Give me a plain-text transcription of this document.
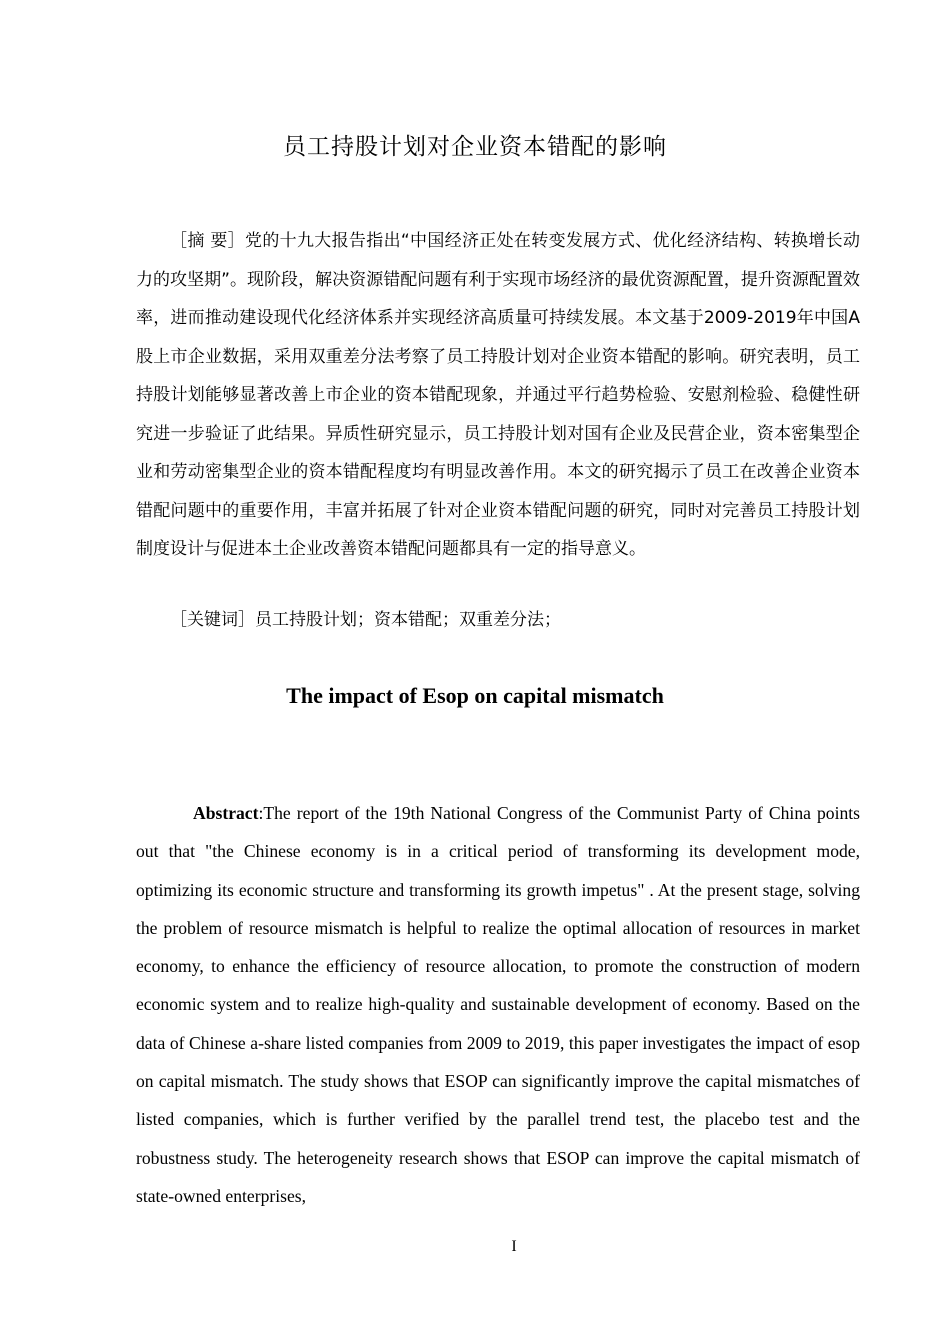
员工持股计划对企业资本错配的影响

［摘 要］党的十九大报告指出“中国经济正处在转变发展方式、优化经济结构、转换增长动力的攻坚期”。现阶段，解决资源错配问题有利于实现市场经济的最优资源配置，提升资源配置效率，进而推动建设现代化经济体系并实现经济高质量可持续发展。本文基于2009-2019年中国A股上市企业数据，采用双重差分法考察了员工持股计划对企业资本错配的影响。研究表明，员工持股计划能够显著改善上市企业的资本错配现象，并通过平行趋势检验、安慰剂检验、稳健性研究进一步验证了此结果。异质性研究显示，员工持股计划对国有企业及民营企业，资本密集型企业和劳动密集型企业的资本错配程度均有明显改善作用。本文的研究揭示了员工在改善企业资本错配问题中的重要作用，丰富并拓展了针对企业资本错配问题的研究，同时对完善员工持股计划制度设计与促进本土企业改善资本错配问题都具有一定的指导意义。

［关键词］员工持股计划；资本错配；双重差分法；

The impact of Esop on capital mismatch

Abstract:The report of the 19th National Congress of the Communist Party of China points out that "the Chinese economy is in a critical period of transforming its development mode, optimizing its economic structure and transforming its growth impetus" . At the present stage, solving the problem of resource mismatch is helpful to realize the optimal allocation of resources in market economy, to enhance the efficiency of resource allocation, to promote the construction of modern economic system and to realize high-quality and sustainable development of economy. Based on the data of Chinese a-share listed companies from 2009 to 2019, this paper investigates the impact of esop on capital mismatch. The study shows that ESOP can significantly improve the capital mismatches of listed companies, which is further verified by the parallel trend test, the placebo test and the robustness study. The heterogeneity research shows that ESOP can improve the capital mismatch of state-owned enterprises,

I
